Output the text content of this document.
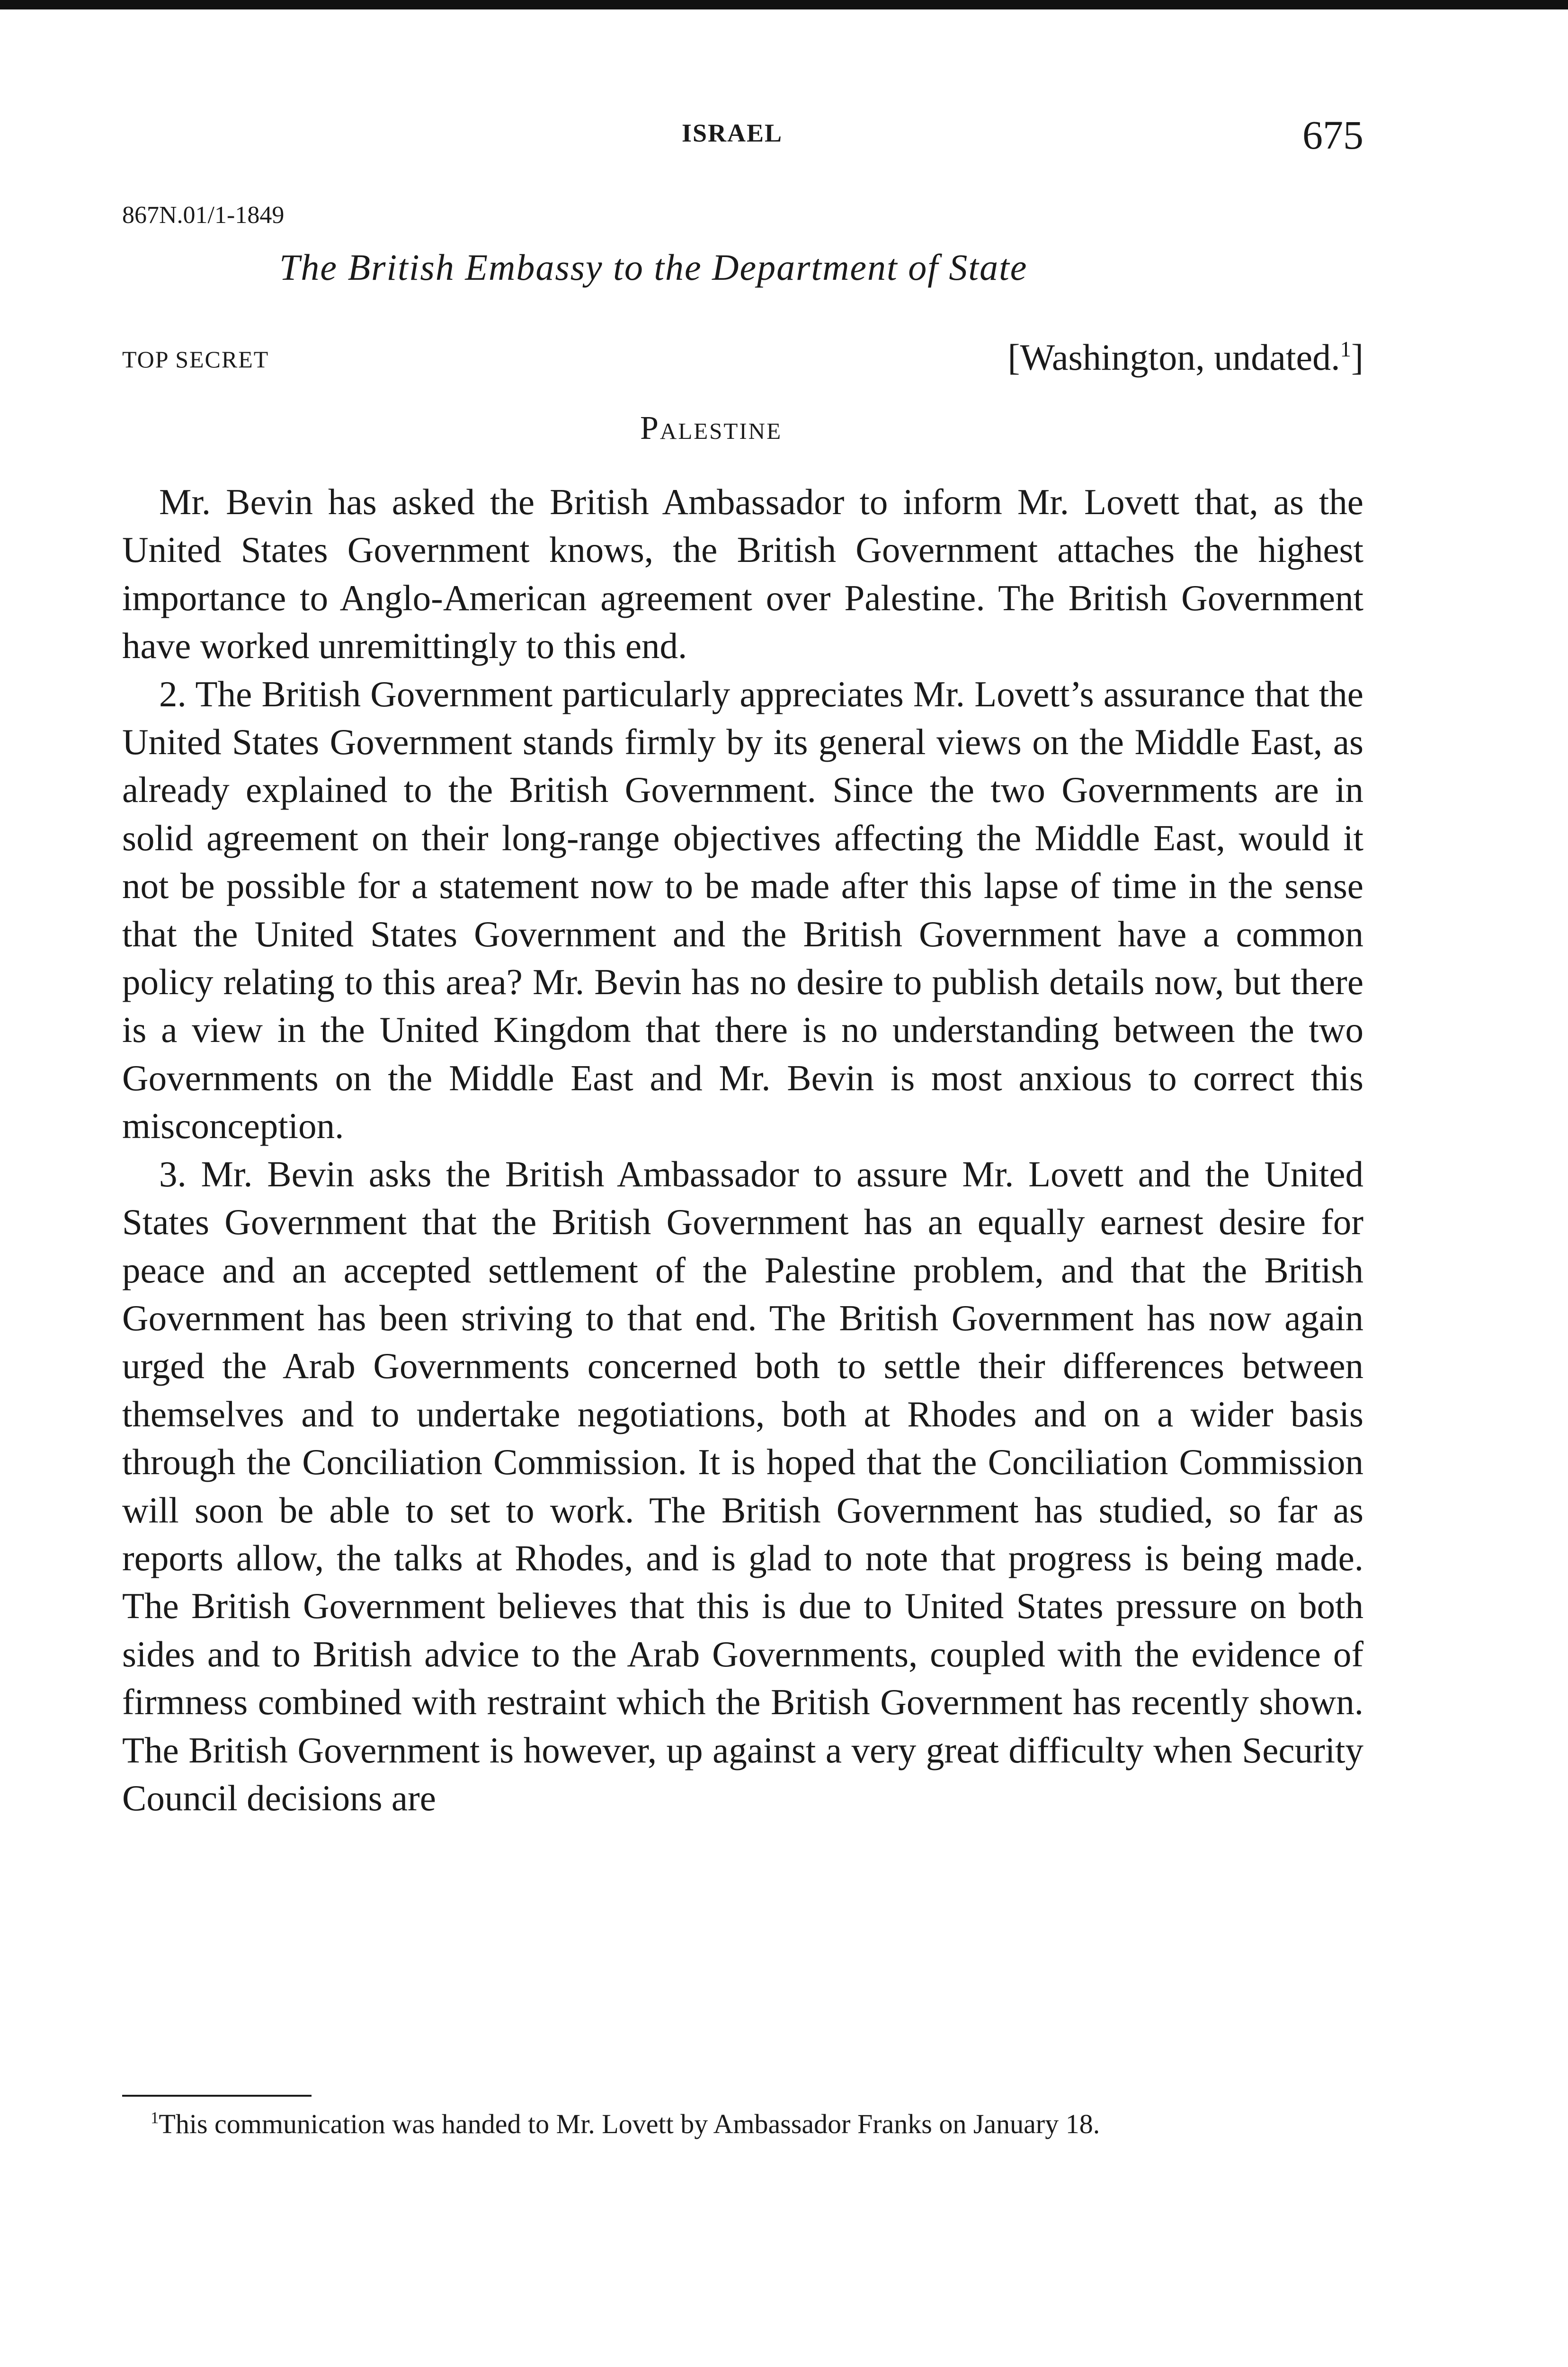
ISRAEL	675
867N.01/1-1849
The British Embassy to the Department of State
TOP SECRET	[Washington, undated.$^1$]
Palestine

Mr. Bevin has asked the British Ambassador to inform Mr. Lovett that, as the United States Government knows, the British Government attaches the highest importance to Anglo-American agreement over Palestine. The British Government have worked unremittingly to this end.

2. The British Government particularly appreciates Mr. Lovett’s assurance that the United States Government stands firmly by its general views on the Middle East, as already explained to the British Government. Since the two Governments are in solid agreement on their long-range objectives affecting the Middle East, would it not be possible for a statement now to be made after this lapse of time in the sense that the United States Government and the British Government have a common policy relating to this area? Mr. Bevin has no desire to publish details now, but there is a view in the United Kingdom that there is no understanding between the two Governments on the Middle East and Mr. Bevin is most anxious to correct this misconception.

3. Mr. Bevin asks the British Ambassador to assure Mr. Lovett and the United States Government that the British Government has an equally earnest desire for peace and an accepted settlement of the Palestine problem, and that the British Government has been striving to that end. The British Government has now again urged the Arab Governments concerned both to settle their differences between themselves and to undertake negotiations, both at Rhodes and on a wider basis through the Conciliation Commission. It is hoped that the Conciliation Commission will soon be able to set to work. The British Government has studied, so far as reports allow, the talks at Rhodes, and is glad to note that progress is being made. The British Government believes that this is due to United States pressure on both sides and to British advice to the Arab Governments, coupled with the evidence of firmness combined with restraint which the British Government has recently shown. The British Government is however, up against a very great difficulty when Security Council decisions are

$^1$This communication was handed to Mr. Lovett by Ambassador Franks on January 18.
